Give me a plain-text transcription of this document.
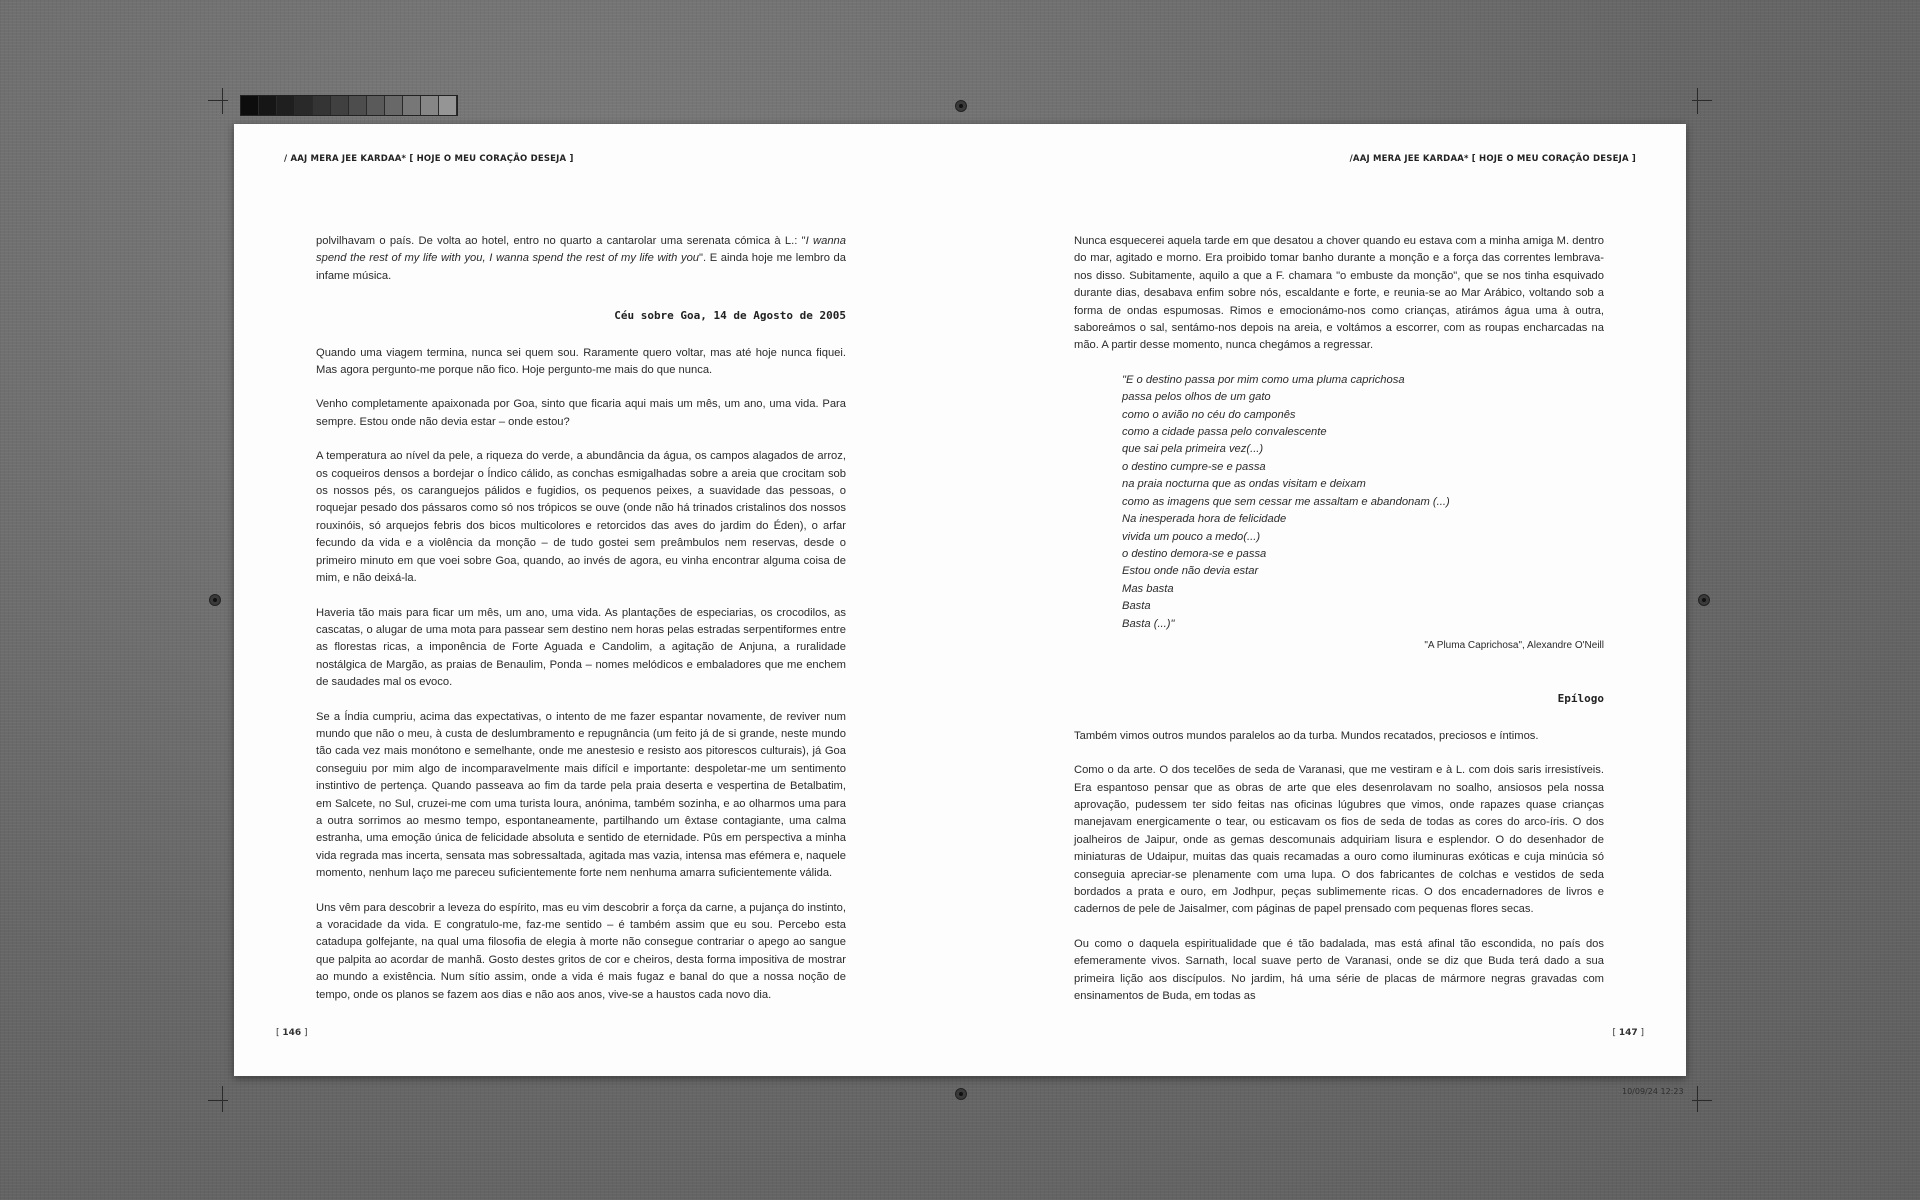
10/09/24 12:23
/ AAJ MERA JEE KARDAA* [ HOJE O MEU CORAÇÃO DESEJA ]

polvilhavam o país. De volta ao hotel, entro no quarto a cantarolar uma serenata cómica à L.: "I wanna spend the rest of my life with you, I wanna spend the rest of my life with you". E ainda hoje me lembro da infame música.

Céu sobre Goa, 14 de Agosto de 2005

Quando uma viagem termina, nunca sei quem sou. Raramente quero voltar, mas até hoje nunca fiquei. Mas agora pergunto-me porque não fico. Hoje pergunto-me mais do que nunca.

Venho completamente apaixonada por Goa, sinto que ficaria aqui mais um mês, um ano, uma vida. Para sempre. Estou onde não devia estar – onde estou?

A temperatura ao nível da pele, a riqueza do verde, a abundância da água, os campos alagados de arroz, os coqueiros densos a bordejar o Índico cálido, as conchas esmigalhadas sobre a areia que crocitam sob os nossos pés, os caranguejos pálidos e fugidios, os pequenos peixes, a suavidade das pessoas, o roquejar pesado dos pássaros como só nos trópicos se ouve (onde não há trinados cristalinos dos nossos rouxinóis, só arquejos febris dos bicos multicolores e retorcidos das aves do jardim do Éden), o arfar fecundo da vida e a violência da monção – de tudo gostei sem preâmbulos nem reservas, desde o primeiro minuto em que voei sobre Goa, quando, ao invés de agora, eu vinha encontrar alguma coisa de mim, e não deixá-la.

Haveria tão mais para ficar um mês, um ano, uma vida. As plantações de especiarias, os crocodilos, as cascatas, o alugar de uma mota para passear sem destino nem horas pelas estradas serpentiformes entre as florestas ricas, a imponência de Forte Aguada e Candolim, a agitação de Anjuna, a ruralidade nostálgica de Margão, as praias de Benaulim, Ponda – nomes melódicos e embaladores que me enchem de saudades mal os evoco.

Se a Índia cumpriu, acima das expectativas, o intento de me fazer espantar novamente, de reviver num mundo que não o meu, à custa de deslumbramento e repugnância (um feito já de si grande, neste mundo tão cada vez mais monótono e semelhante, onde me anestesio e resisto aos pitorescos culturais), já Goa conseguiu por mim algo de incomparavelmente mais difícil e importante: despoletar-me um sentimento instintivo de pertença. Quando passeava ao fim da tarde pela praia deserta e vespertina de Betalbatim, em Salcete, no Sul, cruzei-me com uma turista loura, anónima, também sozinha, e ao olharmos uma para a outra sorrimos ao mesmo tempo, espontaneamente, partilhando um êxtase contagiante, uma calma estranha, uma emoção única de felicidade absoluta e sentido de eternidade. Pûs em perspectiva a minha vida regrada mas incerta, sensata mas sobressaltada, agitada mas vazia, intensa mas efémera e, naquele momento, nenhum laço me pareceu suficientemente forte nem nenhuma amarra suficientemente válida.

Uns vêm para descobrir a leveza do espírito, mas eu vim descobrir a força da carne, a pujança do instinto, a voracidade da vida. E congratulo-me, faz-me sentido – é também assim que eu sou. Percebo esta catadupa golfejante, na qual uma filosofia de elegia à morte não consegue contrariar o apego ao sangue que palpita ao acordar de manhã. Gosto destes gritos de cor e cheiros, desta forma impositiva de mostrar ao mundo a existência. Num sítio assim, onde a vida é mais fugaz e banal do que a nossa noção de tempo, onde os planos se fazem aos dias e não aos anos, vive-se a haustos cada novo dia.

[ 146 ]
/AAJ MERA JEE KARDAA* [ HOJE O MEU CORAÇÃO DESEJA ]

Nunca esquecerei aquela tarde em que desatou a chover quando eu estava com a minha amiga M. dentro do mar, agitado e morno. Era proibido tomar banho durante a monção e a força das correntes lembrava-nos disso. Subitamente, aquilo a que a F. chamara "o embuste da monção", que se nos tinha esquivado durante dias, desabava enfim sobre nós, escaldante e forte, e reunia-se ao Mar Arábico, voltando sob a forma de ondas espumosas. Rimos e emocionámo-nos como crianças, atirámos água uma à outra, saboreámos o sal, sentámo-nos depois na areia, e voltámos a escorrer, com as roupas encharcadas na mão. A partir desse momento, nunca chegámos a regressar.

"E o destino passa por mim como uma pluma caprichosa
passa pelos olhos de um gato
como o avião no céu do camponês
como a cidade passa pelo convalescente
que sai pela primeira vez(...)
o destino cumpre-se e passa
na praia nocturna que as ondas visitam e deixam
como as imagens que sem cessar me assaltam e abandonam (...)
Na inesperada hora de felicidade
vivida um pouco a medo(...)
o destino demora-se e passa
Estou onde não devia estar
Mas basta
Basta
Basta (...)"
"A Pluma Caprichosa", Alexandre O'Neill
Epílogo

Também vimos outros mundos paralelos ao da turba. Mundos recatados, preciosos e íntimos.

Como o da arte. O dos tecelões de seda de Varanasi, que me vestiram e à L. com dois saris irresistíveis. Era espantoso pensar que as obras de arte que eles desenrolavam no soalho, ansiosos pela nossa aprovação, pudessem ter sido feitas nas oficinas lúgubres que vimos, onde rapazes quase crianças manejavam energicamente o tear, ou esticavam os fios de seda de todas as cores do arco-íris. O dos joalheiros de Jaipur, onde as gemas descomunais adquiriam lisura e esplendor. O do desenhador de miniaturas de Udaipur, muitas das quais recamadas a ouro como iluminuras exóticas e cuja minúcia só conseguia apreciar-se plenamente com uma lupa. O dos fabricantes de colchas e vestidos de seda bordados a prata e ouro, em Jodhpur, peças sublimemente ricas. O dos encadernadores de livros e cadernos de pele de Jaisalmer, com páginas de papel prensado com pequenas flores secas.

Ou como o daquela espiritualidade que é tão badalada, mas está afinal tão escondida, no país dos efemeramente vivos. Sarnath, local suave perto de Varanasi, onde se diz que Buda terá dado a sua primeira lição aos discípulos. No jardim, há uma série de placas de mármore negras gravadas com ensinamentos de Buda, em todas as

[ 147 ]
